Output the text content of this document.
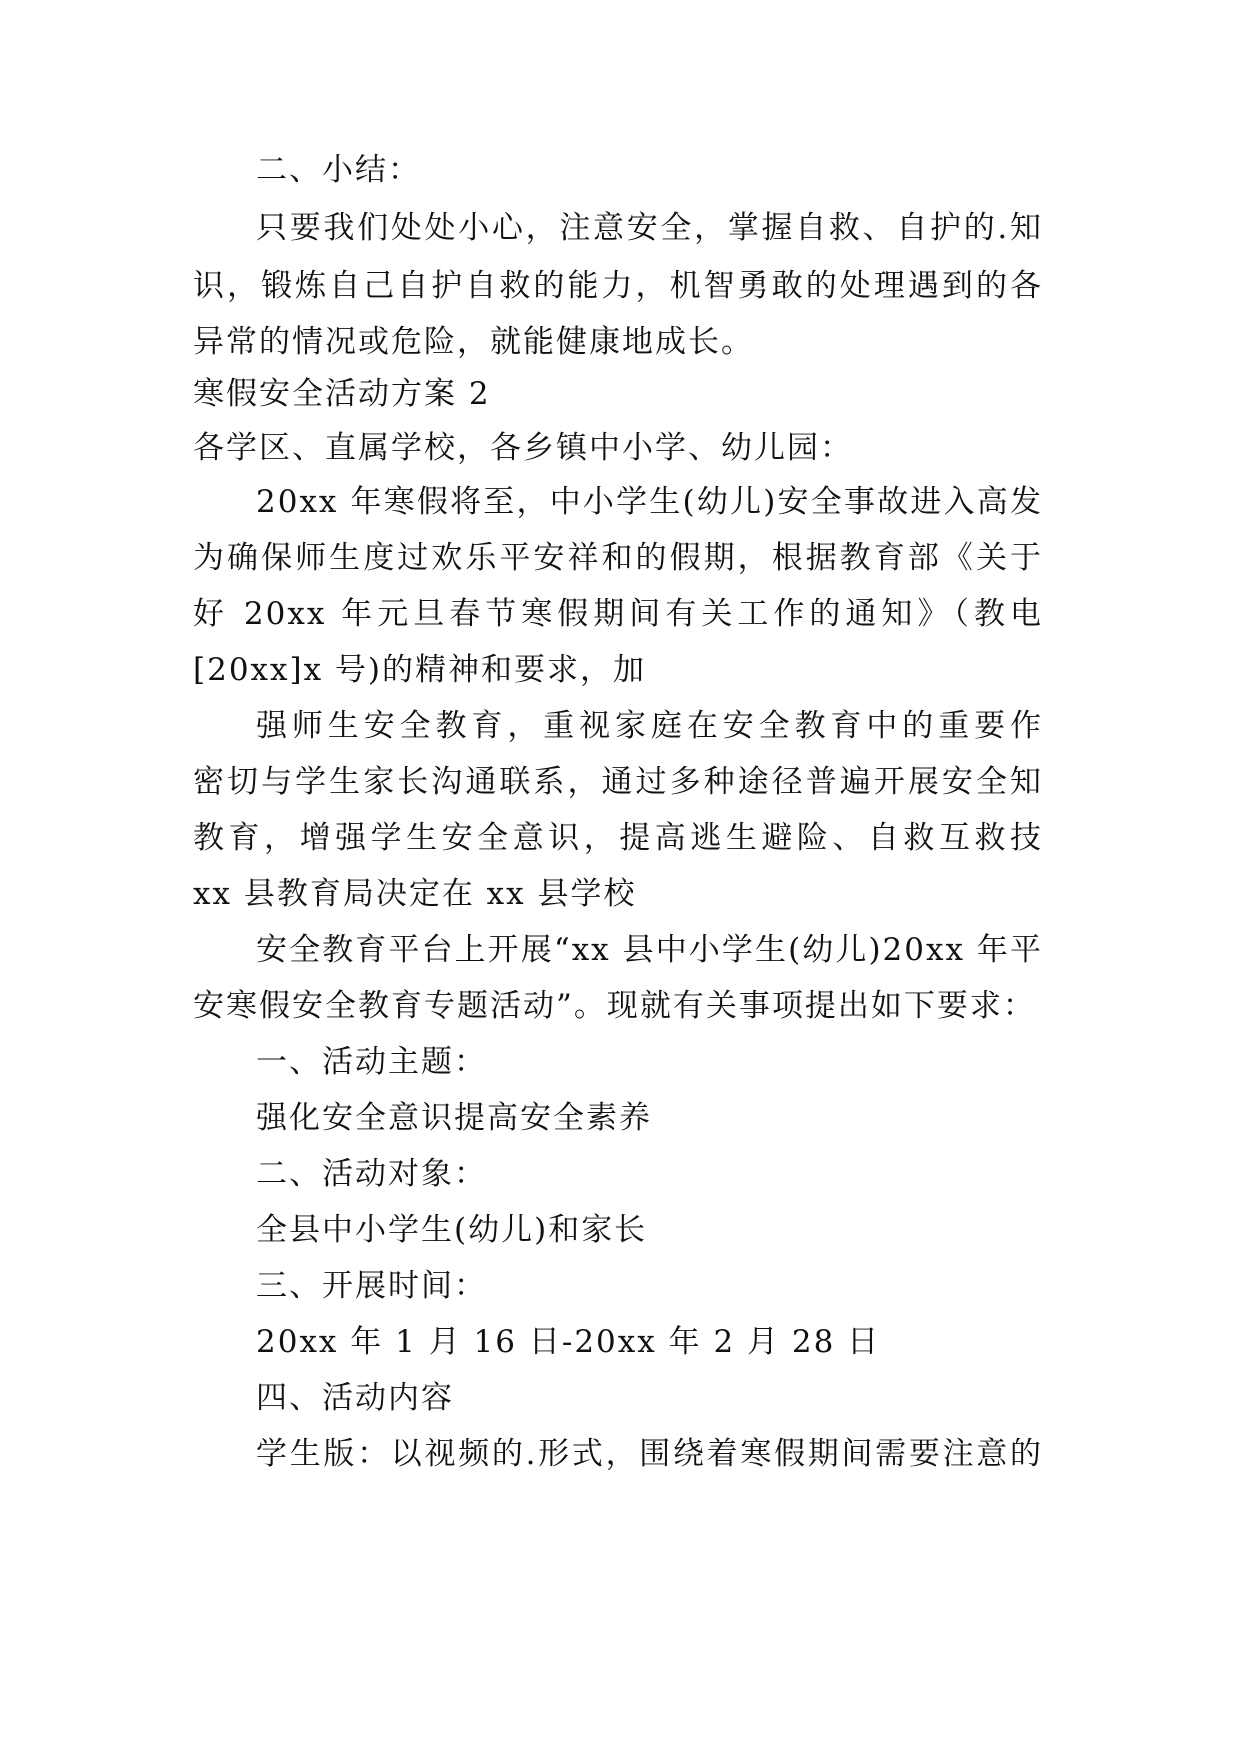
二、小结：
只要我们处处小心，注意安全，掌握自救、自护的.知
识，锻炼自己自护自救的能力，机智勇敢的处理遇到的各
异常的情况或危险，就能健康地成长。
寒假安全活动方案 2
各学区、直属学校，各乡镇中小学、幼儿园：
20xx 年寒假将至，中小学生(幼儿)安全事故进入高发
为确保师生度过欢乐平安祥和的假期，根据教育部《关于
好 20xx 年元旦春节寒假期间有关工作的通知》（教电
[20xx]x 号)的精神和要求，加
强师生安全教育，重视家庭在安全教育中的重要作
密切与学生家长沟通联系，通过多种途径普遍开展安全知
教育，增强学生安全意识，提高逃生避险、自救互救技
xx 县教育局决定在 xx 县学校
安全教育平台上开展“xx 县中小学生(幼儿)20xx 年平
安寒假安全教育专题活动”。现就有关事项提出如下要求：
一、活动主题：
强化安全意识提高安全素养
二、活动对象：
全县中小学生(幼儿)和家长
三、开展时间：
20xx 年 1 月 16 日-20xx 年 2 月 28 日
四、活动内容
学生版：以视频的.形式，围绕着寒假期间需要注意的
